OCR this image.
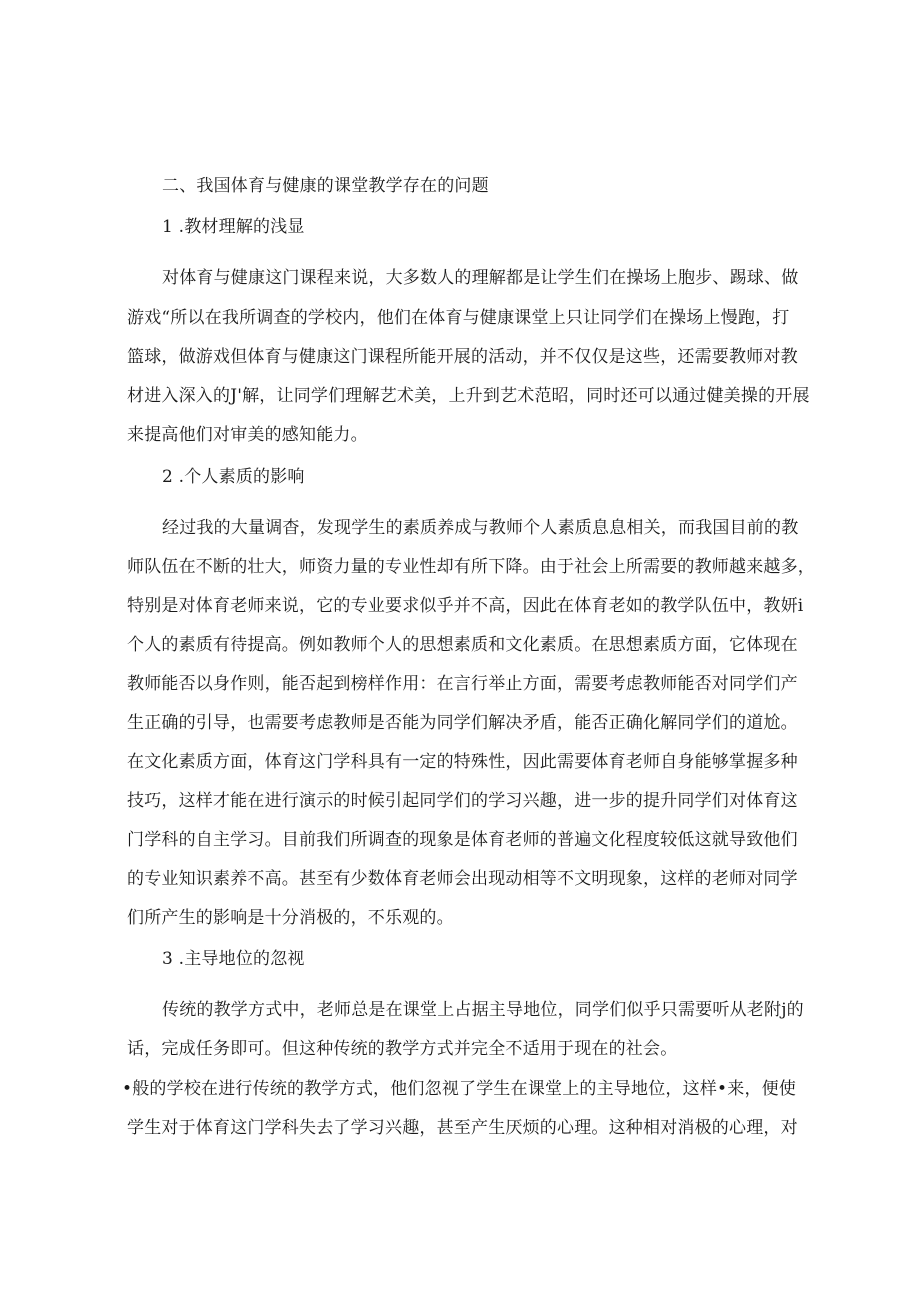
二、我国体育与健康的课堂教学存在的问题
1 .教材理解的浅显
对体育与健康这门课程来说，大多数人的理解都是让学生们在操场上胞步、踢球、做
游戏“所以在我所调查的学校内，他们在体育与健康课堂上只让同学们在操场上慢跑，打
篮球，做游戏但体育与健康这门课程所能开展的活动，并不仅仅是这些，还需要教师对教
材进入深入的J'解，让同学们理解艺术美，上升到艺术范昭，同时还可以通过健美操的开展
来提高他们对审美的感知能力。
2 .个人素质的影响
经过我的大量调杳，发现学生的素质养成与教师个人素质息息相关，而我国目前的教
师队伍在不断的壮大，师资力量的专业性却有所下降。由于社会上所需要的教师越来越多，
特别是对体育老师来说，它的专业要求似乎并不高，因此在体育老如的教学队伍中，教妍i
个人的素质有待提高。例如教师个人的思想素质和文化素质。在思想素质方面，它体现在
教师能否以身作则，能否起到榜样作用：在言行举止方面，需要考虑教师能否对同学们产
生正确的引导，也需要考虑教师是否能为同学们解决矛盾，能否正确化解同学们的道尬。
在文化素质方面，体育这门学科具有一定的特殊性，因此需要体育老师自身能够掌握多种
技巧，这样才能在进行演示的时候引起同学们的学习兴趣，进一步的提升同学们对体育这
门学科的自主学习。目前我们所调查的现象是体育老师的普遍文化程度较低这就导致他们
的专业知识素养不高。甚至有少数体育老师会出现动相等不文明现象，这样的老师对同学
们所产生的影响是十分消极的，不乐观的。
3 .主导地位的忽视
传统的教学方式中，老师总是在课堂上占据主导地位，同学们似乎只需要听从老附j的
话，完成任务即可。但这种传统的教学方式并完全不适用于现在的社会。
•般的学校在进行传统的教学方式，他们忽视了学生在课堂上的主导地位，这样•来，便使
学生对于体育这门学科失去了学习兴趣，甚至产生厌烦的心理。这种相对消极的心理，对
